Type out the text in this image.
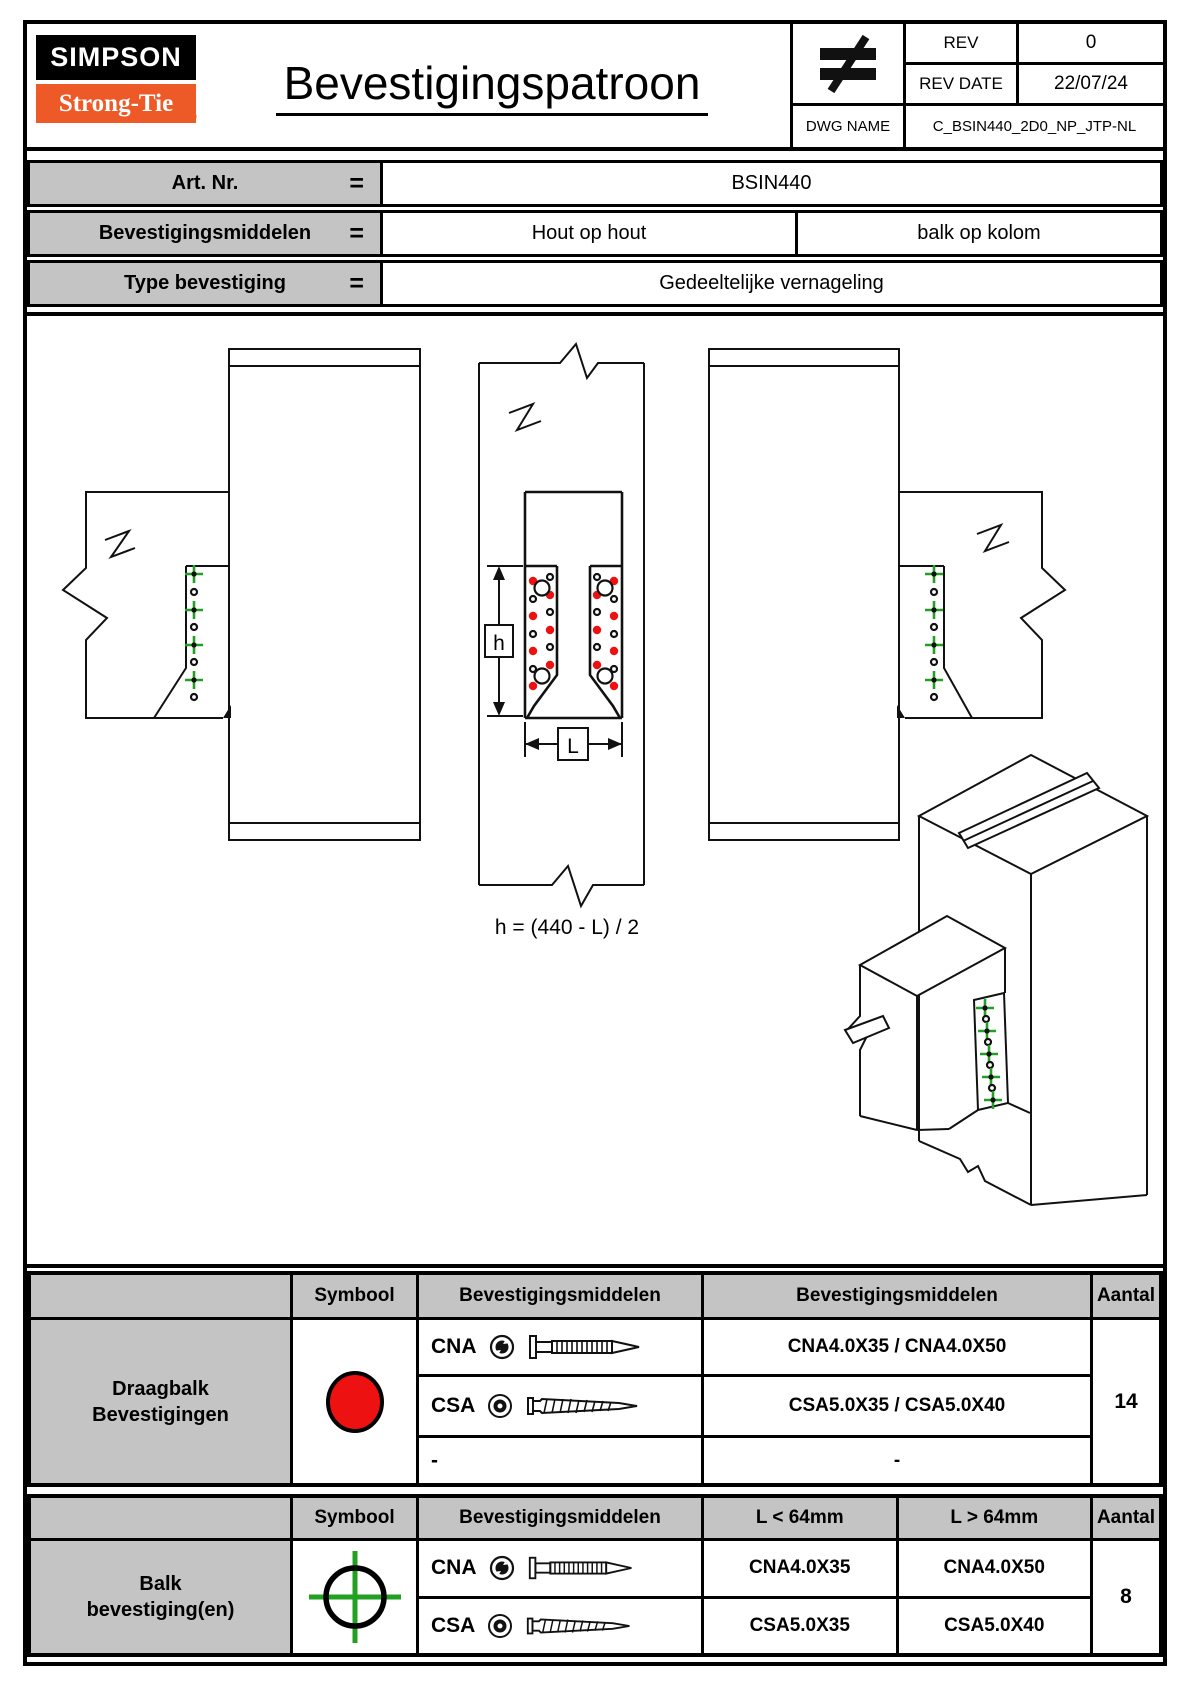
SIMPSON
Strong-Tie
®
Bevestigingspatroon
REV	0
REV DATE	22/07/24
DWG NAME	C_BSIN440_2D0_NP_JTP-NL
Art. Nr.	=	BSIN440
Bevestigingsmiddelen =	Hout op hout	balk op kolom
Type bevestiging	=	Gedeeltelijke vernageling
h
L
h = (440 - L) / 2
Symbool	Bevestigingsmiddelen	Bevestigingsmiddelen	Aantal
Draagbalk
Bevestigingen
CNA	CNA4.0X35 / CNA4.0X50
14
CSA	CSA5.0X35 / CSA5.0X40
-	-
Symbool	Bevestigingsmiddelen	L < 64mm	L > 64mm	Aantal
Balk
bevestiging(en)
CNA	CNA4.0X35	CNA4.0X50
8
CSA	CSA5.0X35	CSA5.0X40
